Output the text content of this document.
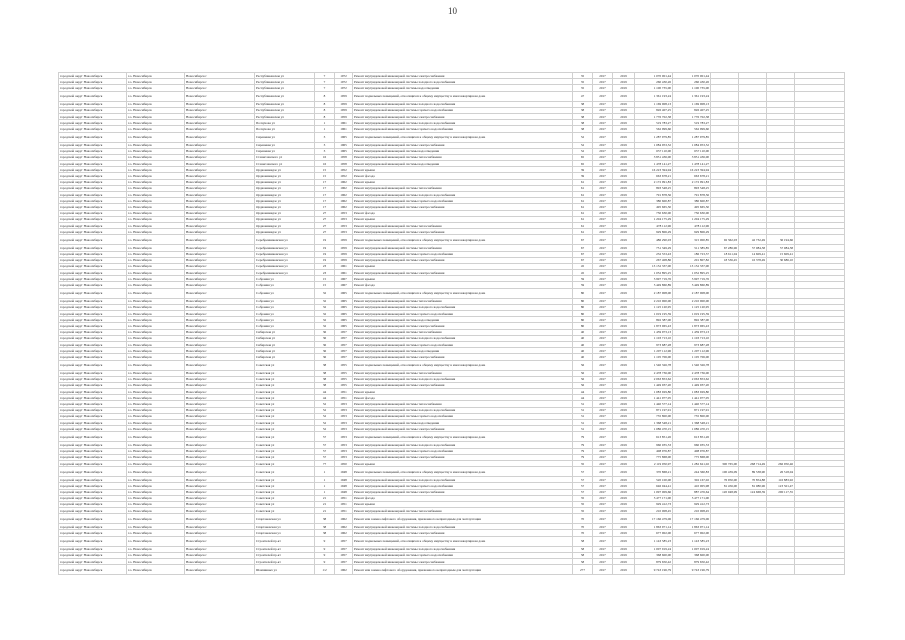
10
городской округ Новосибирск	г.о. Новосибирск	Новосибирск г	Республиканская ул	7	1972	Ремонт внутридомовой инженерной системы электроснабжения	35	2017	2019	1 070 001,44	1 070 001,44				
городской округ Новосибирск	г.о. Новосибирск	Новосибирск г	Республиканская ул	7	1972	Ремонт внутридомовой инженерной системы холодного водоснабжения	35	2017	2019	260 430,26	260 430,26				
городской округ Новосибирск	г.о. Новосибирск	Новосибирск г	Республиканская ул	7	1972	Ремонт внутридомовой инженерной системы водоотведения	35	2017	2019	1 100 735,00	1 100 735,00				
городской округ Новосибирск	г.о. Новосибирск	Новосибирск г	Республиканская ул	8	1959	Ремонт подвальных помещений, относящихся к общему имуществу в многоквартирном доме	47	2017	2019	1 361 193,24	1 361 193,24				
городской округ Новосибирск	г.о. Новосибирск	Новосибирск г	Республиканская ул	8	1959	Ремонт внутридомовой инженерной системы холодного водоснабжения	38	2017	2019	1 169 908,13	1 169 908,13				
городской округ Новосибирск	г.о. Новосибирск	Новосибирск г	Республиканская ул	8	1959	Ремонт внутридомовой инженерной системы горячего водоснабжения	38	2017	2019	826 407,25	826 407,25				
городской округ Новосибирск	г.о. Новосибирск	Новосибирск г	Республиканская ул	8	1959	Ремонт внутридомовой инженерной системы электроснабжения	38	2017	2019	1 776 702,38	1 776 702,38				
городской округ Новосибирск	г.о. Новосибирск	Новосибирск г	Ползунова ул	1	1961	Ремонт внутридомовой инженерной системы холодного водоснабжения	38	2017	2019	519 783,27	519 783,27				
городской округ Новосибирск	г.о. Новосибирск	Новосибирск г	Ползунова ул	1	1961	Ремонт внутридомовой инженерной системы горячего водоснабжения	38	2017	2019	562 999,60	562 999,60				
городской округ Новосибирск	г.о. Новосибирск	Новосибирск г	Сиреневая ул	3	1965	Ремонт подвальных помещений, относящихся к общему имуществу в многоквартирном доме	52	2017	2019	1 287 979,85	1 287 979,85				
городской округ Новосибирск	г.о. Новосибирск	Новосибирск г	Сиреневая ул	3	1965	Ремонт внутридомовой инженерной системы электроснабжения	52	2017	2019	1 084 953,52	1 084 953,52				
городской округ Новосибирск	г.о. Новосибирск	Новосибирск г	Сиреневая ул	3	1965	Ремонт внутридомовой инженерной системы водоотведения	52	2017	2019	657 110,00	657 110,00				
городской округ Новосибирск	г.о. Новосибирск	Новосибирск г	Станиславского ул	16	1958	Ремонт внутридомовой инженерной системы теплоснабжения	65	2017	2019	3 851 436,00	3 851 436,00				
городской округ Новосибирск	г.о. Новосибирск	Новосибирск г	Станиславского ул	16	1958	Ремонт внутридомовой инженерной системы водоотведения	65	2017	2019	1 478 141,27	1 478 141,27				
городской округ Новосибирск	г.о. Новосибирск	Новосибирск г	Орджоникидзе ул	15	1952	Ремонт крыши	39	2017	2019	16 223 394,94	16 223 394,94				
городской округ Новосибирск	г.о. Новосибирск	Новосибирск г	Орджоникидзе ул	15	1952	Ремонт фасада	39	2017	2019	663 678,21	663 678,21				
городской округ Новосибирск	г.о. Новосибирск	Новосибирск г	Орджоникидзе ул	17	1962	Ремонт крыши	61	2017	2019	2 172 991,83	2 172 991,83				
городской округ Новосибирск	г.о. Новосибирск	Новосибирск г	Орджоникидзе ул	17	1962	Ремонт внутридомовой инженерной системы теплоснабжения	61	2017	2019	893 548,25	893 548,25				
городской округ Новосибирск	г.о. Новосибирск	Новосибирск г	Орджоникидзе ул	17	1962	Ремонт внутридомовой инженерной системы холодного водоснабжения	61	2017	2019	791 878,56	791 878,56				
городской округ Новосибирск	г.о. Новосибирск	Новосибирск г	Орджоникидзе ул	17	1962	Ремонт внутридомовой инженерной системы горячего водоснабжения	61	2017	2019	380 600,87	380 600,87				
городской округ Новосибирск	г.о. Новосибирск	Новосибирск г	Орджоникидзе ул	17	1962	Ремонт внутридомовой инженерной системы электроснабжения	61	2017	2019	495 665,50	495 665,50				
городской округ Новосибирск	г.о. Новосибирск	Новосибирск г	Орджоникидзе ул	27	1953	Ремонт фасада	61	2017	2019	750 630,00	750 630,00				
городской округ Новосибирск	г.о. Новосибирск	Новосибирск г	Орджоникидзе ул	27	1953	Ремонт крыши	61	2017	2019	1 204 175,29	1 204 175,29				
городской округ Новосибирск	г.о. Новосибирск	Новосибирск г	Орджоникидзе ул	27	1953	Ремонт внутридомовой инженерной системы теплоснабжения	61	2017	2019	478 112,96	478 112,96				
городской округ Новосибирск	г.о. Новосибирск	Новосибирск г	Орджоникидзе ул	27	1953	Ремонт внутридомовой инженерной системы электроснабжения	61	2017	2019	929 806,29	929 806,29				
городской округ Новосибирск	г.о. Новосибирск	Новосибирск г	Серебренниковская ул	19	1959	Ремонт подвальных помещений, относящихся к общему имуществу в многоквартирном доме	67	2017	2019	486 290,03	315 000,85	92 362,03	42 732,49	36 194,66	
городской округ Новосибирск	г.о. Новосибирск	Новосибирск г	Серебренниковская ул	19	1959	Ремонт внутридомовой инженерной системы теплоснабжения	67	2017	2019	751 349,29	511 385,85	67 286,96	57 084,58	57 084,58	
городской округ Новосибирск	г.о. Новосибирск	Новосибирск г	Серебренниковская ул	19	1959	Ремонт внутридомовой инженерной системы горячего водоснабжения	67	2017	2019	232 553,43	186 723,57	18 611,04	14 609,41	15 609,41	
городской округ Новосибирск	г.о. Новосибирск	Новосибирск г	Серебренниковская ул	19	1959	Ремонт внутридомовой инженерной системы электроснабжения	67	2017	2019	267 408,86	201 807,82	18 536,45	16 378,49	30 686,10	
городской округ Новосибирск	г.о. Новосибирск	Новосибирск г	Серебренниковская ул	23	1961	Ремонт крыши	45	2017	2019	13 152 337,00	13 152 337,00				
городской округ Новосибирск	г.о. Новосибирск	Новосибирск г	Серебренниковская ул	23	1961	Ремонт внутридомовой инженерной системы электроснабжения	45	2017	2019	1 052 895,25	1 052 895,25				
городской округ Новосибирск	г.о. Новосибирск	Новосибирск г	Собрания ул	15	1967	Ремонт крыши	59	2017	2019	5 997 719,76	5 997 719,76				
городской округ Новосибирск	г.о. Новосибирск	Новосибирск г	Собрания ул	15	1967	Ремонт фасада	59	2017	2019	5 449 860,89	5 449 860,89				
городской округ Новосибирск	г.о. Новосибирск	Новосибирск г	Собрания ул	32	1965	Ремонт подвальных помещений, относящихся к общему имуществу в многоквартирном доме	80	2017	2019	2 187 908,00	2 187 908,00				
городской округ Новосибирск	г.о. Новосибирск	Новосибирск г	Собрания ул	32	1965	Ремонт внутридомовой инженерной системы теплоснабжения	80	2017	2019	2 210 900,00	2 210 900,00				
городской округ Новосибирск	г.о. Новосибирск	Новосибирск г	Собрания ул	32	1965	Ремонт внутридомовой инженерной системы холодного водоснабжения	80	2017	2019	1 125 120,95	1 125 120,95				
городской округ Новосибирск	г.о. Новосибирск	Новосибирск г	Собрания ул	32	1965	Ремонт внутридомовой инженерной системы горячего водоснабжения	80	2017	2019	1 019 195,59	1 019 195,59				
городской округ Новосибирск	г.о. Новосибирск	Новосибирск г	Собрания ул	32	1965	Ремонт внутридомовой инженерной системы водоотведения	80	2017	2019	892 387,00	892 387,00				
городской округ Новосибирск	г.о. Новосибирск	Новосибирск г	Собрания ул	32	1965	Ремонт внутридомовой инженерной системы электроснабжения	80	2017	2019	1 873 965,43	1 873 965,43				
городской округ Новосибирск	г.о. Новосибирск	Новосибирск г	Сибирская ул	36	1957	Ремонт внутридомовой инженерной системы теплоснабжения	40	2017	2019	1 459 973,13	1 459 973,13				
городской округ Новосибирск	г.о. Новосибирск	Новосибирск г	Сибирская ул	36	1957	Ремонт внутридомовой инженерной системы холодного водоснабжения	40	2017	2019	1 103 713,10	1 103 713,10				
городской округ Новосибирск	г.о. Новосибирск	Новосибирск г	Сибирская ул	36	1957	Ремонт внутридомовой инженерной системы горячего водоснабжения	40	2017	2019	973 687,28	973 687,28				
городской округ Новосибирск	г.о. Новосибирск	Новосибирск г	Сибирская ул	36	1957	Ремонт внутридомовой инженерной системы водоотведения	40	2017	2019	1 207 112,96	1 207 112,96				
городской округ Новосибирск	г.о. Новосибирск	Новосибирск г	Сибирская ул	36	1957	Ремонт внутридомовой инженерной системы электроснабжения	40	2017	2019	1 105 706,00	1 105 706,00				
городской округ Новосибирск	г.о. Новосибирск	Новосибирск г	Советская ул	38	1955	Ремонт подвальных помещений, относящихся к общему имуществу в многоквартирном доме	56	2017	2019	1 540 326,78	1 540 326,78				
городской округ Новосибирск	г.о. Новосибирск	Новосибирск г	Советская ул	38	1955	Ремонт внутридомовой инженерной системы теплоснабжения	56	2017	2019	2 478 736,00	2 478 736,00				
городской округ Новосибирск	г.о. Новосибирск	Новосибирск г	Советская ул	38	1955	Ремонт внутридомовой инженерной системы холодного водоснабжения	56	2017	2019	2 063 853,62	2 063 853,62				
городской округ Новосибирск	г.о. Новосибирск	Новосибирск г	Советская ул	38	1955	Ремонт внутридомовой инженерной системы электроснабжения	56	2017	2019	1 449 937,20	1 449 937,20				
городской округ Новосибирск	г.о. Новосибирск	Новосибирск г	Советская ул	44	1951	Ремонт крыши	44	2017	2019	1 083 929,80	1 083 929,80				
городской округ Новосибирск	г.о. Новосибирск	Новосибирск г	Советская ул	44	1951	Ремонт фасада	44	2017	2019	1 441 977,05	1 441 977,05				
городской округ Новосибирск	г.о. Новосибирск	Новосибирск г	Советская ул	52	1953	Ремонт внутридомовой инженерной системы теплоснабжения	31	2017	2019	1 440 577,14	1 440 577,14				
городской округ Новосибирск	г.о. Новосибирск	Новосибирск г	Советская ул	52	1953	Ремонт внутридомовой инженерной системы холодного водоснабжения	31	2017	2019	871 197,91	871 197,91				
городской округ Новосибирск	г.о. Новосибирск	Новосибирск г	Советская ул	52	1953	Ремонт внутридомовой инженерной системы горячего водоснабжения	31	2017	2019	735 800,00	735 800,00				
городской округ Новосибирск	г.о. Новосибирск	Новосибирск г	Советская ул	52	1953	Ремонт внутридомовой инженерной системы водоотведения	31	2017	2019	1 368 548,21	1 368 548,21				
городской округ Новосибирск	г.о. Новосибирск	Новосибирск г	Советская ул	52	1953	Ремонт внутридомовой инженерной системы электроснабжения	31	2017	2019	1 086 470,15	1 086 470,15				
городской округ Новосибирск	г.о. Новосибирск	Новосибирск г	Советская ул	57	1953	Ремонт подвальных помещений, относящихся к общему имуществу в многоквартирном доме	79	2017	2019	613 851,26	613 851,26				
городской округ Новосибирск	г.о. Новосибирск	Новосибирск г	Советская ул	57	1953	Ремонт внутридомовой инженерной системы холодного водоснабжения	79	2017	2019	960 035,53	960 035,53				
городской округ Новосибирск	г.о. Новосибирск	Новосибирск г	Советская ул	57	1953	Ремонт внутридомовой инженерной системы горячего водоснабжения	79	2017	2019	408 976,87	408 976,87				
городской округ Новосибирск	г.о. Новосибирск	Новосибирск г	Советская ул	57	1953	Ремонт внутридомовой инженерной системы электроснабжения	79	2017	2019	775 868,00	775 868,00				
городской округ Новосибирск	г.о. Новосибирск	Новосибирск г	Советская ул	77	1950	Ремонт крыши	35	2017	2019	2 119 050,97	1 282 621,02	300 765,00	268 714,49	266 950,46	
городской округ Новосибирск	г.о. Новосибирск	Новосибирск г	Советская ул	1	1948	Ремонт подвальных помещений, относящихся к общему имуществу в многоквартирном доме	57	2017	2019	370 868,21	244 360,83	100 439,09	89 538,90	26 518,04	
городской округ Новосибирск	г.о. Новосибирск	Новосибирск г	Советская ул	1	1948	Ремонт внутридомовой инженерной системы холодного водоснабжения	57	2017	2019	520 100,00	302 167,02	76 950,00	70 854,88	116 883,92	
городской округ Новосибирск	г.о. Новосибирск	Новосибирск г	Советская ул	1	1948	Ремонт внутридомовой инженерной системы горячего водоснабжения	57	2017	2019	646 044,41	410 005,98	81 456,00	81 080,96	123 501,47	
городской округ Новосибирск	г.о. Новосибирск	Новосибирск г	Советская ул	1	1948	Ремонт внутридомовой инженерной системы электроснабжения	57	2017	2019	1 097 009,66	887 476,64	120 048,99	124 668,39	290 117,55	
городской округ Новосибирск	г.о. Новосибирск	Новосибирск г	Советская ул	21	1951	Ремонт фасада	35	2017	2019	5 477 171,00	5 477 171,00				
городской округ Новосибирск	г.о. Новосибирск	Новосибирск г	Советская ул	21	1951	Ремонт крыши	35	2017	2019	929 412,73	929 412,73				
городской округ Новосибирск	г.о. Новосибирск	Новосибирск г	Советская ул	21	1951	Ремонт внутридомовой инженерной системы теплоснабжения	35	2017	2019	210 008,45	210 008,45				
городской округ Новосибирск	г.о. Новосибирск	Новосибирск г	Спартаковская ул	38	1962	Ремонт или замена лифтового оборудования, признанного непригодным для эксплуатации	70	2017	2019	17 166 479,06	17 166 479,06				
городской округ Новосибирск	г.о. Новосибирск	Новосибирск г	Спартаковская ул	38	1962	Ремонт внутридомовой инженерной системы холодного водоснабжения	70	2017	2019	1 863 971,14	1 863 971,14				
городской округ Новосибирск	г.о. Новосибирск	Новосибирск г	Спартаковская ул	38	1962	Ремонт внутридомовой инженерной системы электроснабжения	70	2017	2019	677 902,00	677 902,00				
городской округ Новосибирск	г.о. Новосибирск	Новосибирск г	Строителей пр-кт	9	1957	Ремонт подвальных помещений, относящихся к общему имуществу в многоквартирном доме	58	2017	2019	1 143 585,23	1 143 585,23				
городской округ Новосибирск	г.о. Новосибирск	Новосибирск г	Строителей пр-кт	9	1957	Ремонт внутридомовой инженерной системы холодного водоснабжения	58	2017	2019	1 007 919,24	1 007 919,24				
городской округ Новосибирск	г.о. Новосибирск	Новосибирск г	Строителей пр-кт	9	1957	Ремонт внутридомовой инженерной системы горячего водоснабжения	58	2017	2019	368 600,00	368 600,00				
городской округ Новосибирск	г.о. Новосибирск	Новосибирск г	Строителей пр-кт	9	1957	Ремонт внутридомовой инженерной системы электроснабжения	58	2017	2019	879 650,42	879 650,42				
городской округ Новосибирск	г.о. Новосибирск	Новосибирск г	Шамшиных ул	1/2	1962	Ремонт или замена лифтового оборудования, признанного непригодным для эксплуатации	277	2017	2019	9 743 196,79	9 743 196,79				
